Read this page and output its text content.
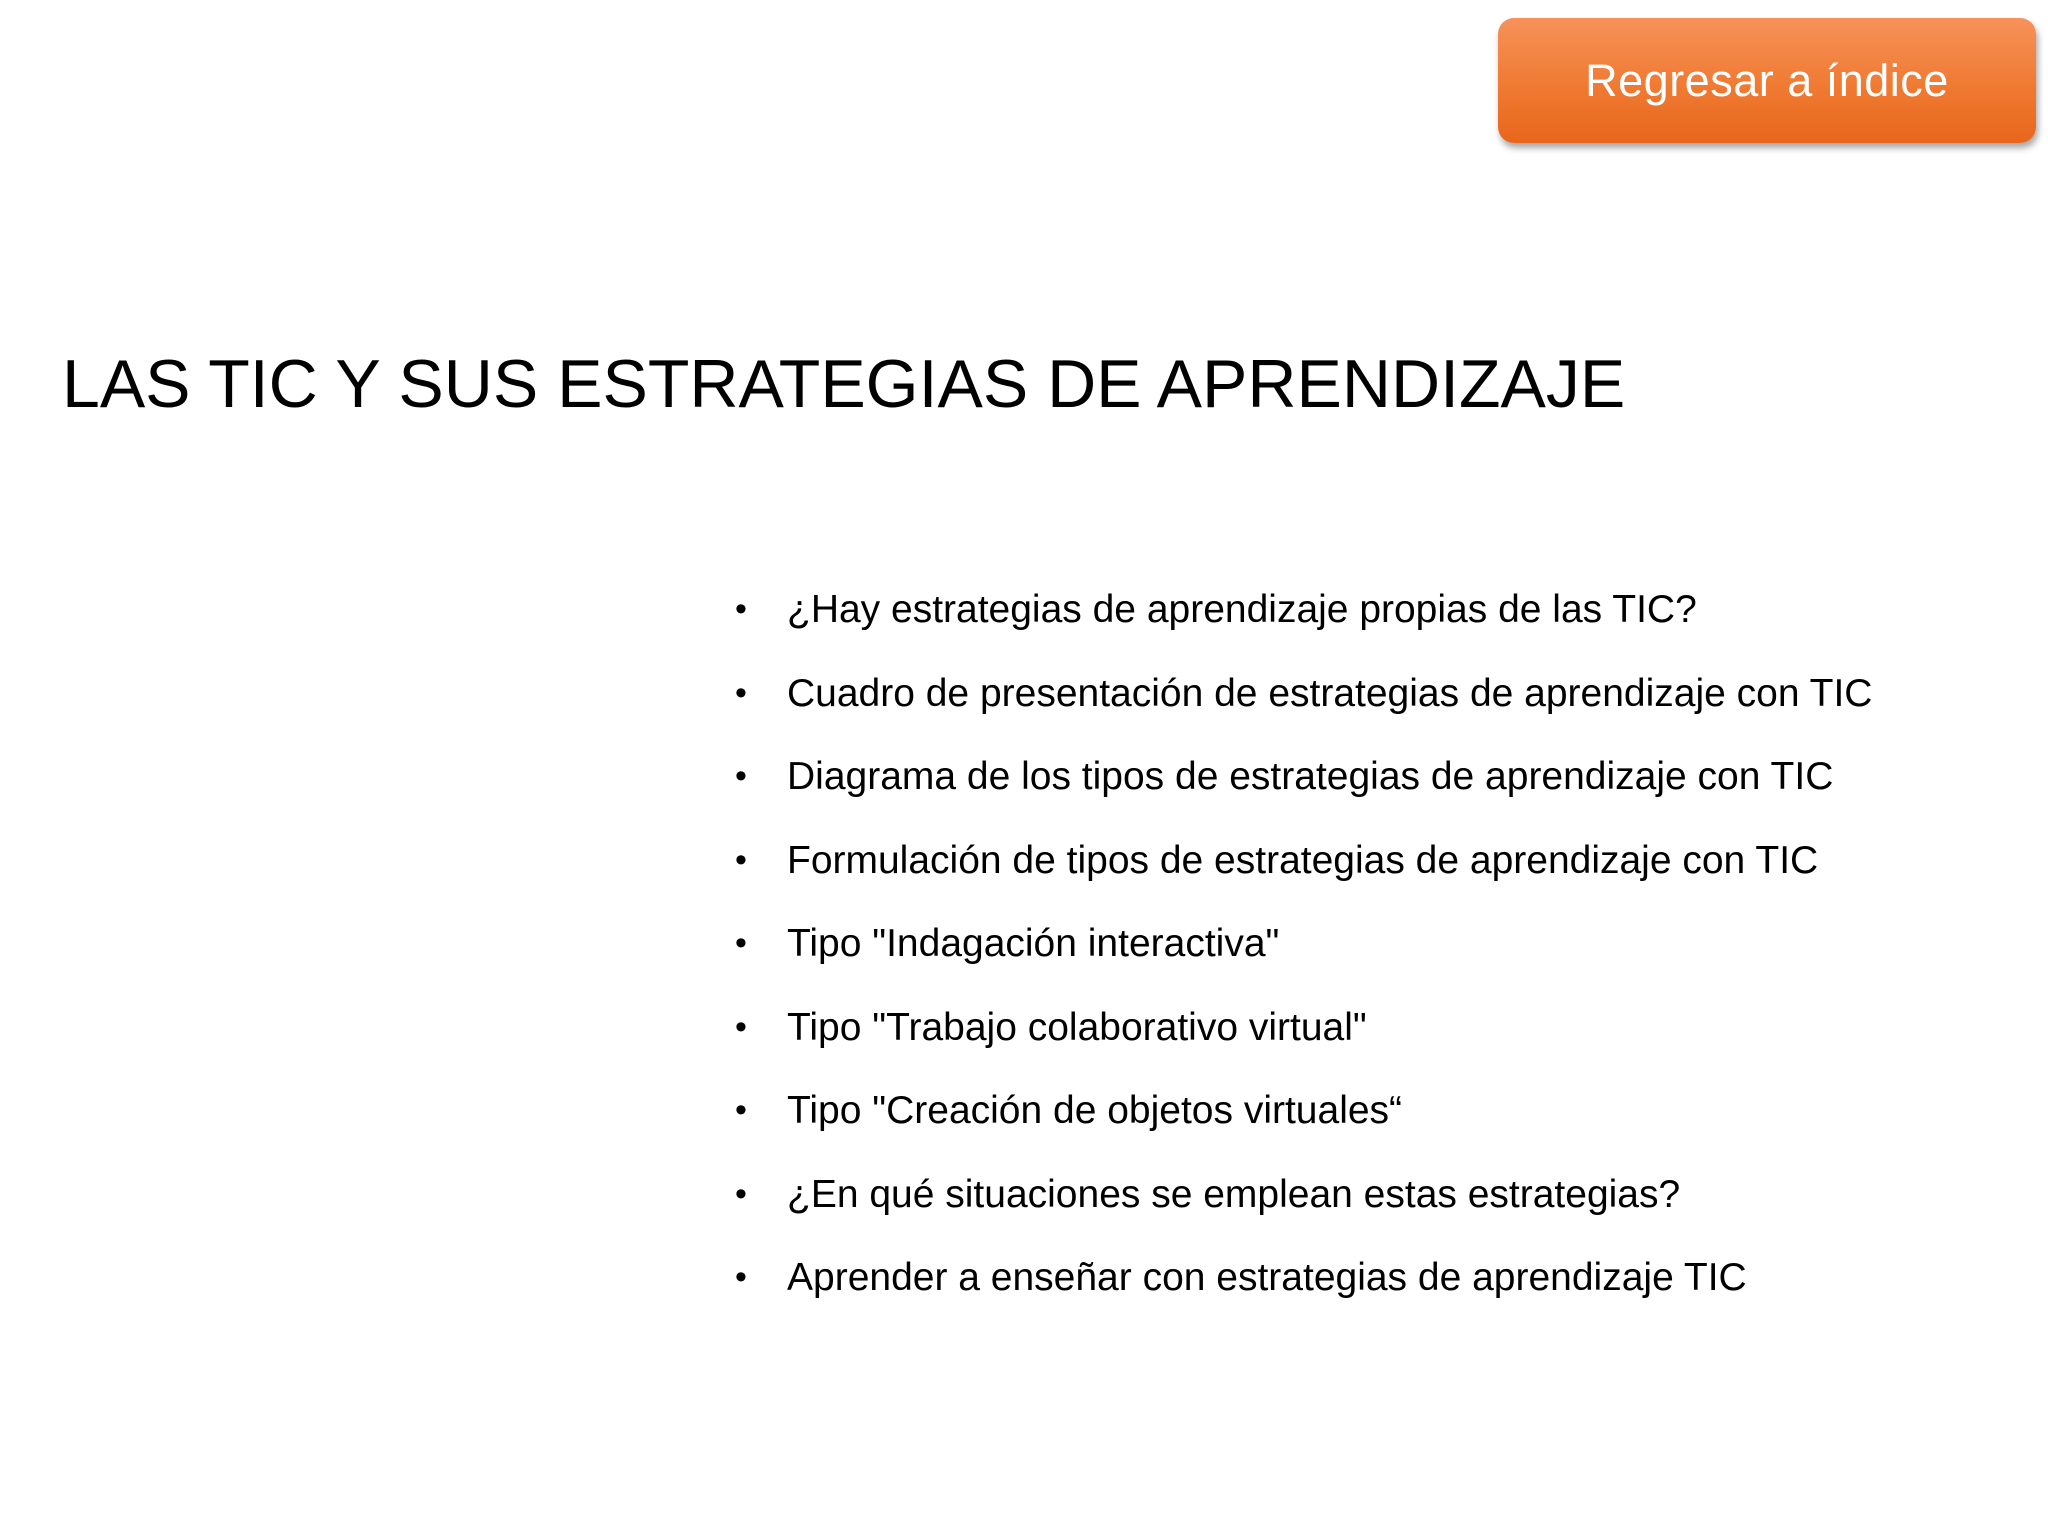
Regresar a índice
LAS TIC Y SUS ESTRATEGIAS DE APRENDIZAJE
• ¿Hay estrategias de aprendizaje propias de las TIC?
• Cuadro de presentación de estrategias de aprendizaje con TIC
• Diagrama de los tipos de estrategias de aprendizaje con TIC
• Formulación de tipos de estrategias de aprendizaje con TIC
• Tipo "Indagación interactiva"
• Tipo "Trabajo colaborativo virtual"
• Tipo "Creación de objetos virtuales“
• ¿En qué situaciones se emplean estas estrategias?
• Aprender a enseñar con estrategias de aprendizaje TIC
